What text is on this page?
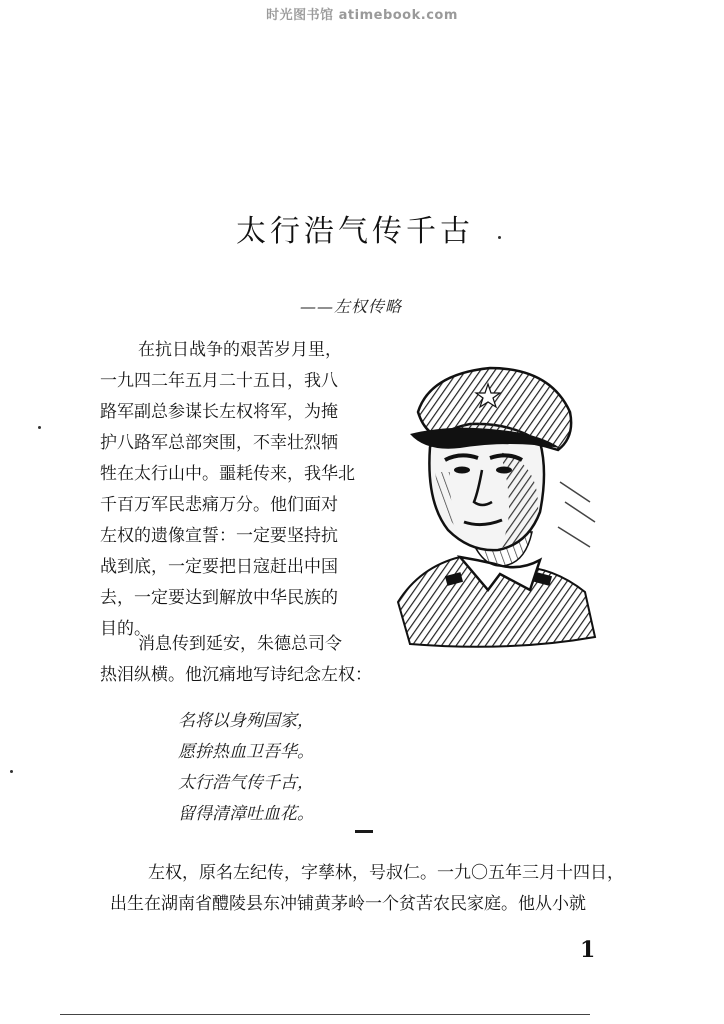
时光图书馆 atimebook.com
太行浩气传千古
——左权传略
在抗日战争的艰苦岁月里，
一九四二年五月二十五日，我八
路军副总参谋长左权将军，为掩
护八路军总部突围，不幸壮烈牺
牲在太行山中。噩耗传来，我华北
千百万军民悲痛万分。他们面对
左权的遗像宣誓：一定要坚持抗
战到底，一定要把日寇赶出中国
去，一定要达到解放中华民族的
目的。
消息传到延安，朱德总司令
热泪纵横。他沉痛地写诗纪念左权：
名将以身殉国家，
愿拚热血卫吾华。
太行浩气传千古，
留得清漳吐血花。
左权，原名左纪传，字孳林，号叔仁。一九〇五年三月十四日，
出生在湖南省醴陵县东冲铺黄茅岭一个贫苦农民家庭。他从小就
1
